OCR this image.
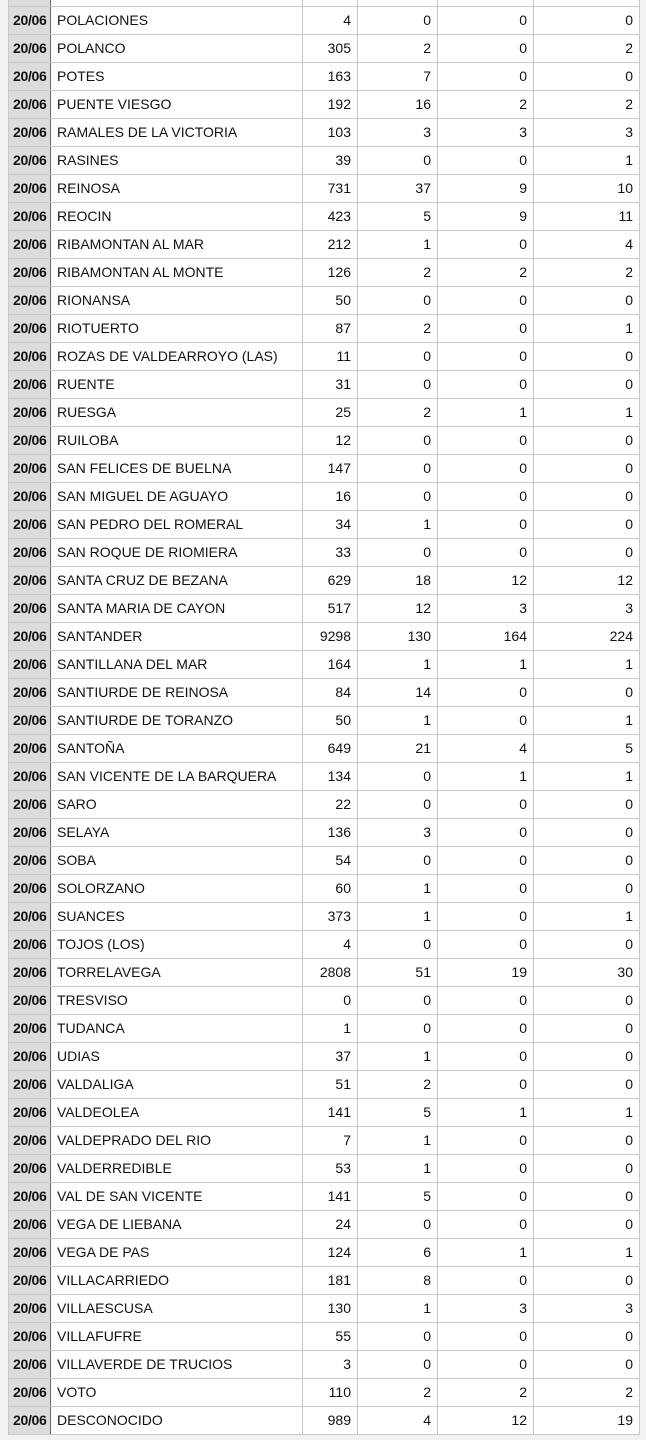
20/06	POLACIONES	4	0	0	0
20/06	POLANCO	305	2	0	2
20/06	POTES	163	7	0	0
20/06	PUENTE VIESGO	192	16	2	2
20/06	RAMALES DE LA VICTORIA	103	3	3	3
20/06	RASINES	39	0	0	1
20/06	REINOSA	731	37	9	10
20/06	REOCIN	423	5	9	11
20/06	RIBAMONTAN AL MAR	212	1	0	4
20/06	RIBAMONTAN AL MONTE	126	2	2	2
20/06	RIONANSA	50	0	0	0
20/06	RIOTUERTO	87	2	0	1
20/06	ROZAS DE VALDEARROYO (LAS)	11	0	0	0
20/06	RUENTE	31	0	0	0
20/06	RUESGA	25	2	1	1
20/06	RUILOBA	12	0	0	0
20/06	SAN FELICES DE BUELNA	147	0	0	0
20/06	SAN MIGUEL DE AGUAYO	16	0	0	0
20/06	SAN PEDRO DEL ROMERAL	34	1	0	0
20/06	SAN ROQUE DE RIOMIERA	33	0	0	0
20/06	SANTA CRUZ DE BEZANA	629	18	12	12
20/06	SANTA MARIA DE CAYON	517	12	3	3
20/06	SANTANDER	9298	130	164	224
20/06	SANTILLANA DEL MAR	164	1	1	1
20/06	SANTIURDE DE REINOSA	84	14	0	0
20/06	SANTIURDE DE TORANZO	50	1	0	1
20/06	SANTOÑA	649	21	4	5
20/06	SAN VICENTE DE LA BARQUERA	134	0	1	1
20/06	SARO	22	0	0	0
20/06	SELAYA	136	3	0	0
20/06	SOBA	54	0	0	0
20/06	SOLORZANO	60	1	0	0
20/06	SUANCES	373	1	0	1
20/06	TOJOS (LOS)	4	0	0	0
20/06	TORRELAVEGA	2808	51	19	30
20/06	TRESVISO	0	0	0	0
20/06	TUDANCA	1	0	0	0
20/06	UDIAS	37	1	0	0
20/06	VALDALIGA	51	2	0	0
20/06	VALDEOLEA	141	5	1	1
20/06	VALDEPRADO DEL RIO	7	1	0	0
20/06	VALDERREDIBLE	53	1	0	0
20/06	VAL DE SAN VICENTE	141	5	0	0
20/06	VEGA DE LIEBANA	24	0	0	0
20/06	VEGA DE PAS	124	6	1	1
20/06	VILLACARRIEDO	181	8	0	0
20/06	VILLAESCUSA	130	1	3	3
20/06	VILLAFUFRE	55	0	0	0
20/06	VILLAVERDE DE TRUCIOS	3	0	0	0
20/06	VOTO	110	2	2	2
20/06	DESCONOCIDO	989	4	12	19
